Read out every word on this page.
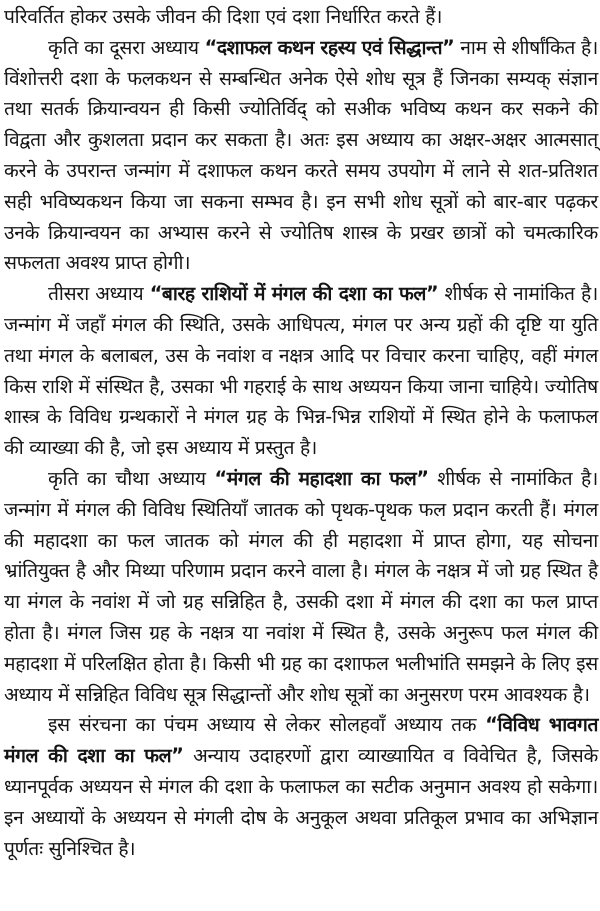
परिवर्तित होकर उसके जीवन की दिशा एवं दशा निर्धारित करते हैं।

कृति का दूसरा अध्याय “दशाफल कथन रहस्य एवं सिद्धान्त” नाम से शीर्षांकित है। विंशोत्तरी दशा के फलकथन से सम्बन्धित अनेक ऐसे शोध सूत्र हैं जिनका सम्यक् संज्ञान तथा सतर्क क्रियान्वयन ही किसी ज्योतिर्विद् को सअीक भविष्य कथन कर सकने की विद्वता और कुशलता प्रदान कर सकता है। अतः इस अध्याय का अक्षर-अक्षर आत्मसात् करने के उपरान्त जन्मांग में दशाफल कथन करते समय उपयोग में लाने से शत-प्रतिशत सही भविष्यकथन किया जा सकना सम्भव है। इन सभी शोध सूत्रों को बार-बार पढ़कर उनके क्रियान्वयन का अभ्यास करने से ज्योतिष शास्त्र के प्रखर छात्रों को चमत्कारिक सफलता अवश्य प्राप्त होगी।

तीसरा अध्याय “बारह राशियों में मंगल की दशा का फल” शीर्षक से नामांकित है। जन्मांग में जहाँ मंगल की स्थिति, उसके आधिपत्य, मंगल पर अन्य ग्रहों की दृष्टि या युति तथा मंगल के बलाबल, उस के नवांश व नक्षत्र आदि पर विचार करना चाहिए, वहीं मंगल किस राशि में संस्थित है, उसका भी गहराई के साथ अध्ययन किया जाना चाहिये। ज्योतिष शास्त्र के विविध ग्रन्थकारों ने मंगल ग्रह के भिन्न-भिन्न राशियों में स्थित होने के फलाफल की व्याख्या की है, जो इस अध्याय में प्रस्तुत है।

कृति का चौथा अध्याय “मंगल की महादशा का फल” शीर्षक से नामांकित है। जन्मांग में मंगल की विविध स्थितियाँ जातक को पृथक-पृथक फल प्रदान करती हैं। मंगल की महादशा का फल जातक को मंगल की ही महादशा में प्राप्त होगा, यह सोचना भ्रांतियुक्त है और मिथ्या परिणाम प्रदान करने वाला है। मंगल के नक्षत्र में जो ग्रह स्थित है या मंगल के नवांश में जो ग्रह सन्निहित है, उसकी दशा में मंगल की दशा का फल प्राप्त होता है। मंगल जिस ग्रह के नक्षत्र या नवांश में स्थित है, उसके अनुरूप फल मंगल की महादशा में परिलक्षित होता है। किसी भी ग्रह का दशाफल भलीभांति समझने के लिए इस अध्याय में सन्निहित विविध सूत्र सिद्धान्तों और शोध सूत्रों का अनुसरण परम आवश्यक है।

इस संरचना का पंचम अध्याय से लेकर सोलहवाँ अध्याय तक “विविध भावगत मंगल की दशा का फल” अन्याय उदाहरणों द्वारा व्याख्यायित व विवेचित है, जिसके ध्यानपूर्वक अध्ययन से मंगल की दशा के फलाफल का सटीक अनुमान अवश्य हो सकेगा। इन अध्यायों के अध्ययन से मंगली दोष के अनुकूल अथवा प्रतिकूल प्रभाव का अभिज्ञान पूर्णतः सुनिश्चित है।
